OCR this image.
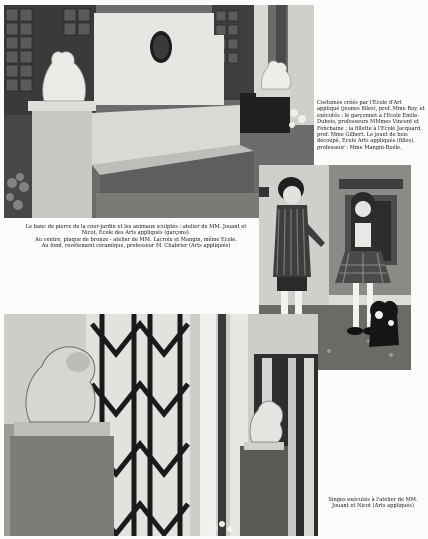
Costumes créés par l'Ecole d'Art appliqué (jeunes filles), prof. Mme Roy, et exécutés : le garçonnet à l'Ecole Emile-Dubois, professeurs MMmes Vincent et Fonchaine ; la fillette à l'Ecole Jacquard, prof. Mme Gilbert. Le jouet de bois découpé, Ecole Arts appliqués (filles), professeur : Mme Mangin-Boéle.

Le banc de pierre de la cour-jardin et les animaux sculptés : atelier de MM. Jouant et Nicot, Ecole des Arts appliqués (garçons).

Au centre, plaque de bronze - atelier de MM. Lacroix et Mangin, même Ecole.

Au fond, revêtement céramique, professeur M. Chabrier (Arts appliqués)

Singes exécutés à l'atelier de MM. Jouant et Nicot (Arts appliqués)
